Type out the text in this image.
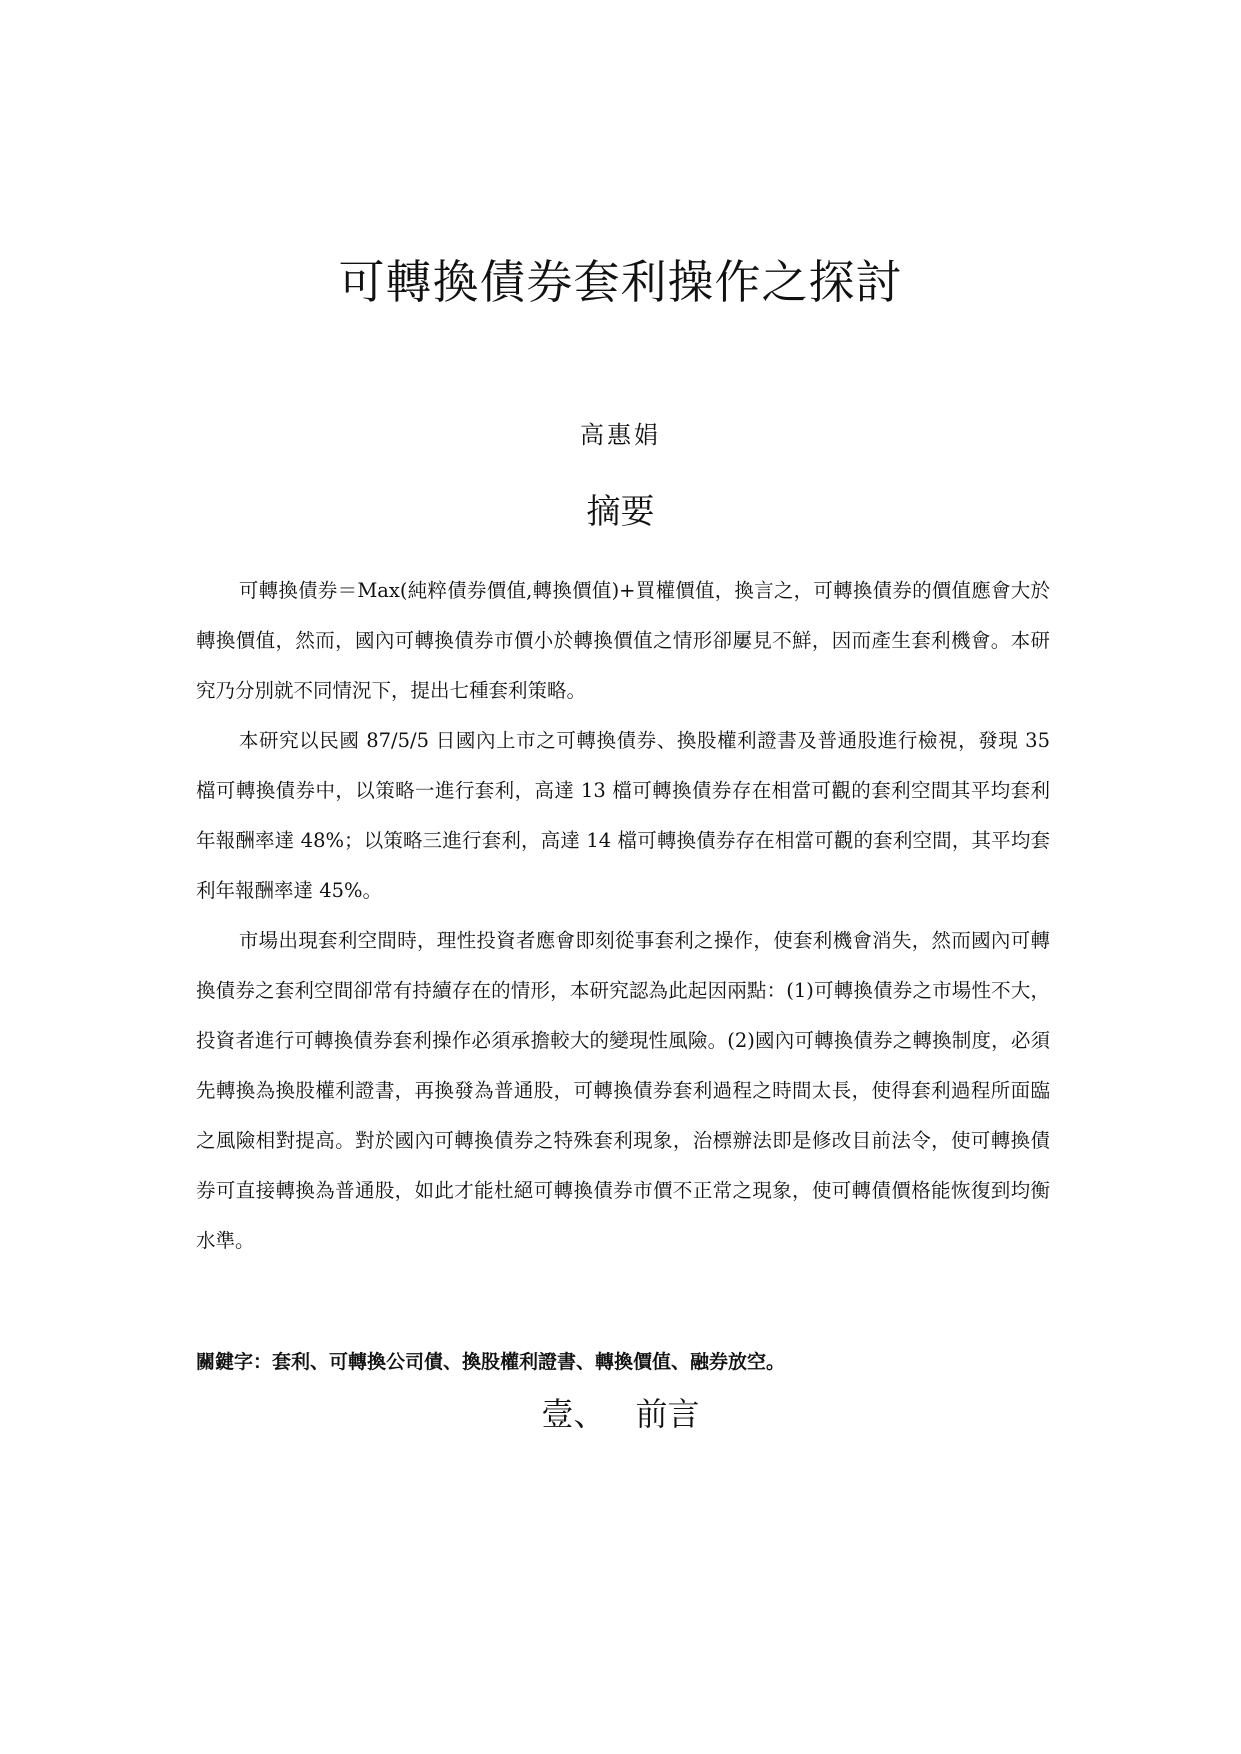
可轉換債券套利操作之探討
高惠娟
摘要

可轉換債券＝Max(純粹債券價值,轉換價值)+買權價值，換言之，可轉換債券的價值應會大於轉換價值，然而，國內可轉換債券市價小於轉換價值之情形卻屢見不鮮，因而產生套利機會。本研究乃分別就不同情況下，提出七種套利策略。

本研究以民國 87/5/5 日國內上市之可轉換債券、換股權利證書及普通股進行檢視，發現 35 檔可轉換債券中，以策略一進行套利，高達 13 檔可轉換債券存在相當可觀的套利空間其平均套利年報酬率達 48%；以策略三進行套利，高達 14 檔可轉換債券存在相當可觀的套利空間，其平均套利年報酬率達 45%。

市場出現套利空間時，理性投資者應會即刻從事套利之操作，使套利機會消失，然而國內可轉換債券之套利空間卻常有持續存在的情形，本研究認為此起因兩點：(1)可轉換債券之市場性不大，投資者進行可轉換債券套利操作必須承擔較大的變現性風險。(2)國內可轉換債券之轉換制度，必須先轉換為換股權利證書，再換發為普通股，可轉換債券套利過程之時間太長，使得套利過程所面臨之風險相對提高。對於國內可轉換債券之特殊套利現象，治標辦法即是修改目前法令，使可轉換債券可直接轉換為普通股，如此才能杜絕可轉換債券市價不正常之現象，使可轉債價格能恢復到均衡水準。

關鍵字：套利、可轉換公司債、換股權利證書、轉換價值、融券放空。
壹、 前言
